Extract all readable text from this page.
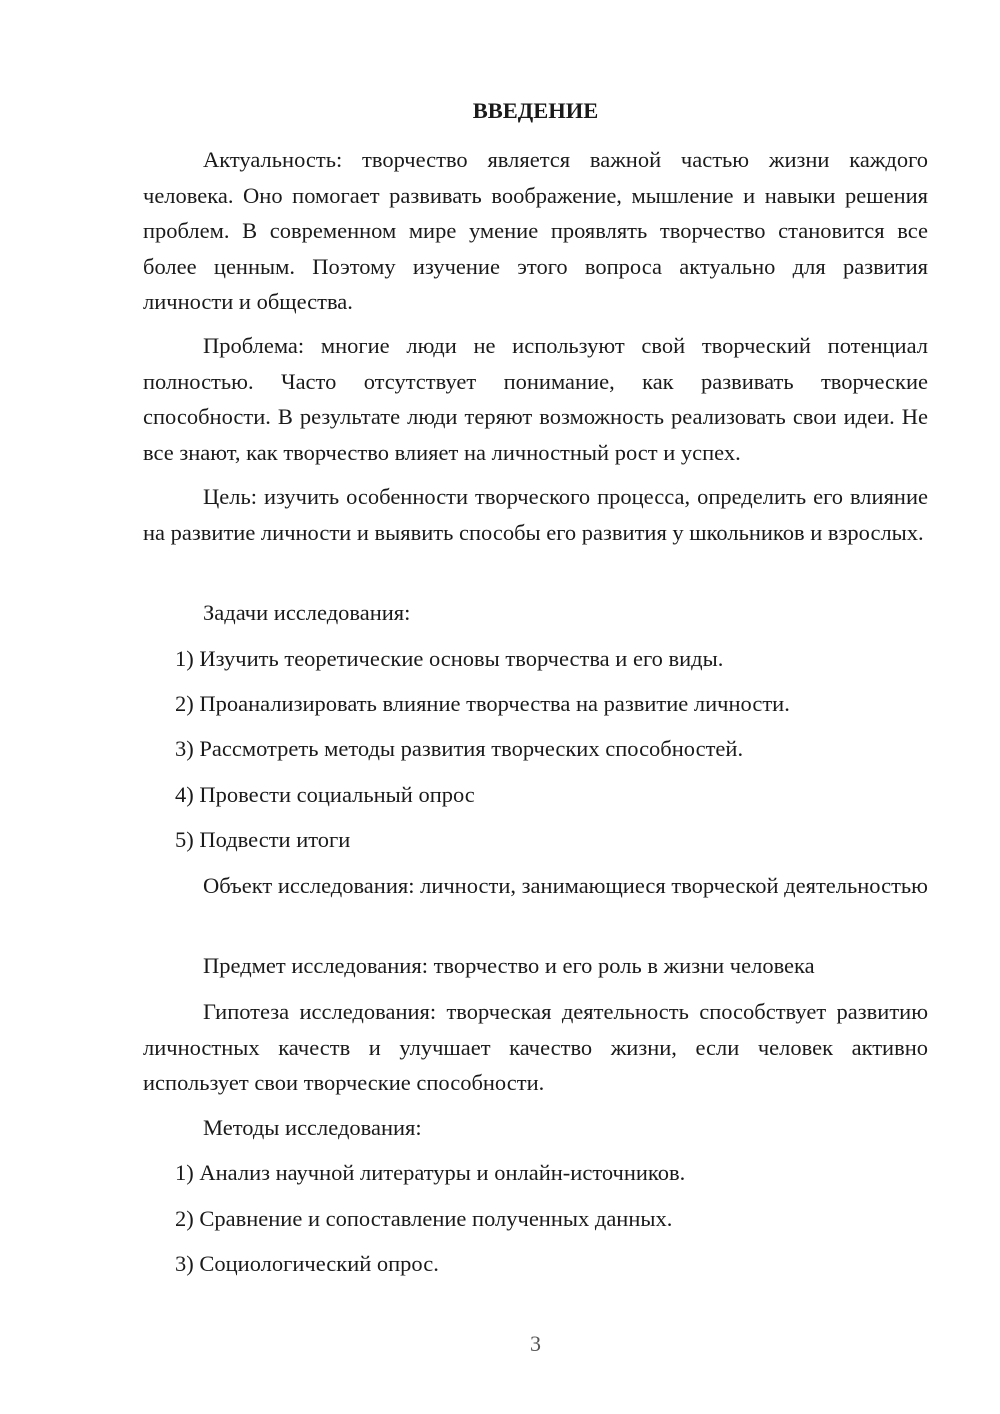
ВВЕДЕНИЕ

Актуальность: творчество является важной частью жизни каждого человека. Оно помогает развивать воображение, мышление и навыки решения проблем. В современном мире умение проявлять творчество становится все более ценным. Поэтому изучение этого вопроса актуально для развития личности и общества.

Проблема: многие люди не используют свой творческий потенциал полностью. Часто отсутствует понимание, как развивать творческие способности. В результате люди теряют возможность реализовать свои идеи. Не все знают, как творчество влияет на личностный рост и успех.

Цель: изучить особенности творческого процесса, определить его влияние на развитие личности и выявить способы его развития у школьников и взрослых.

Задачи исследования:

1) Изучить теоретические основы творчества и его виды.

2) Проанализировать влияние творчества на развитие личности.

3) Рассмотреть методы развития творческих способностей.

4) Провести социальный опрос

5) Подвести итоги

Объект исследования: личности, занимающиеся творческой деятельностью

Предмет исследования: творчество и его роль в жизни человека

Гипотеза исследования: творческая деятельность способствует развитию личностных качеств и улучшает качество жизни, если человек активно использует свои творческие способности.

Методы исследования:

1) Анализ научной литературы и онлайн-источников.

2) Сравнение и сопоставление полученных данных.

3) Социологический опрос.

3
